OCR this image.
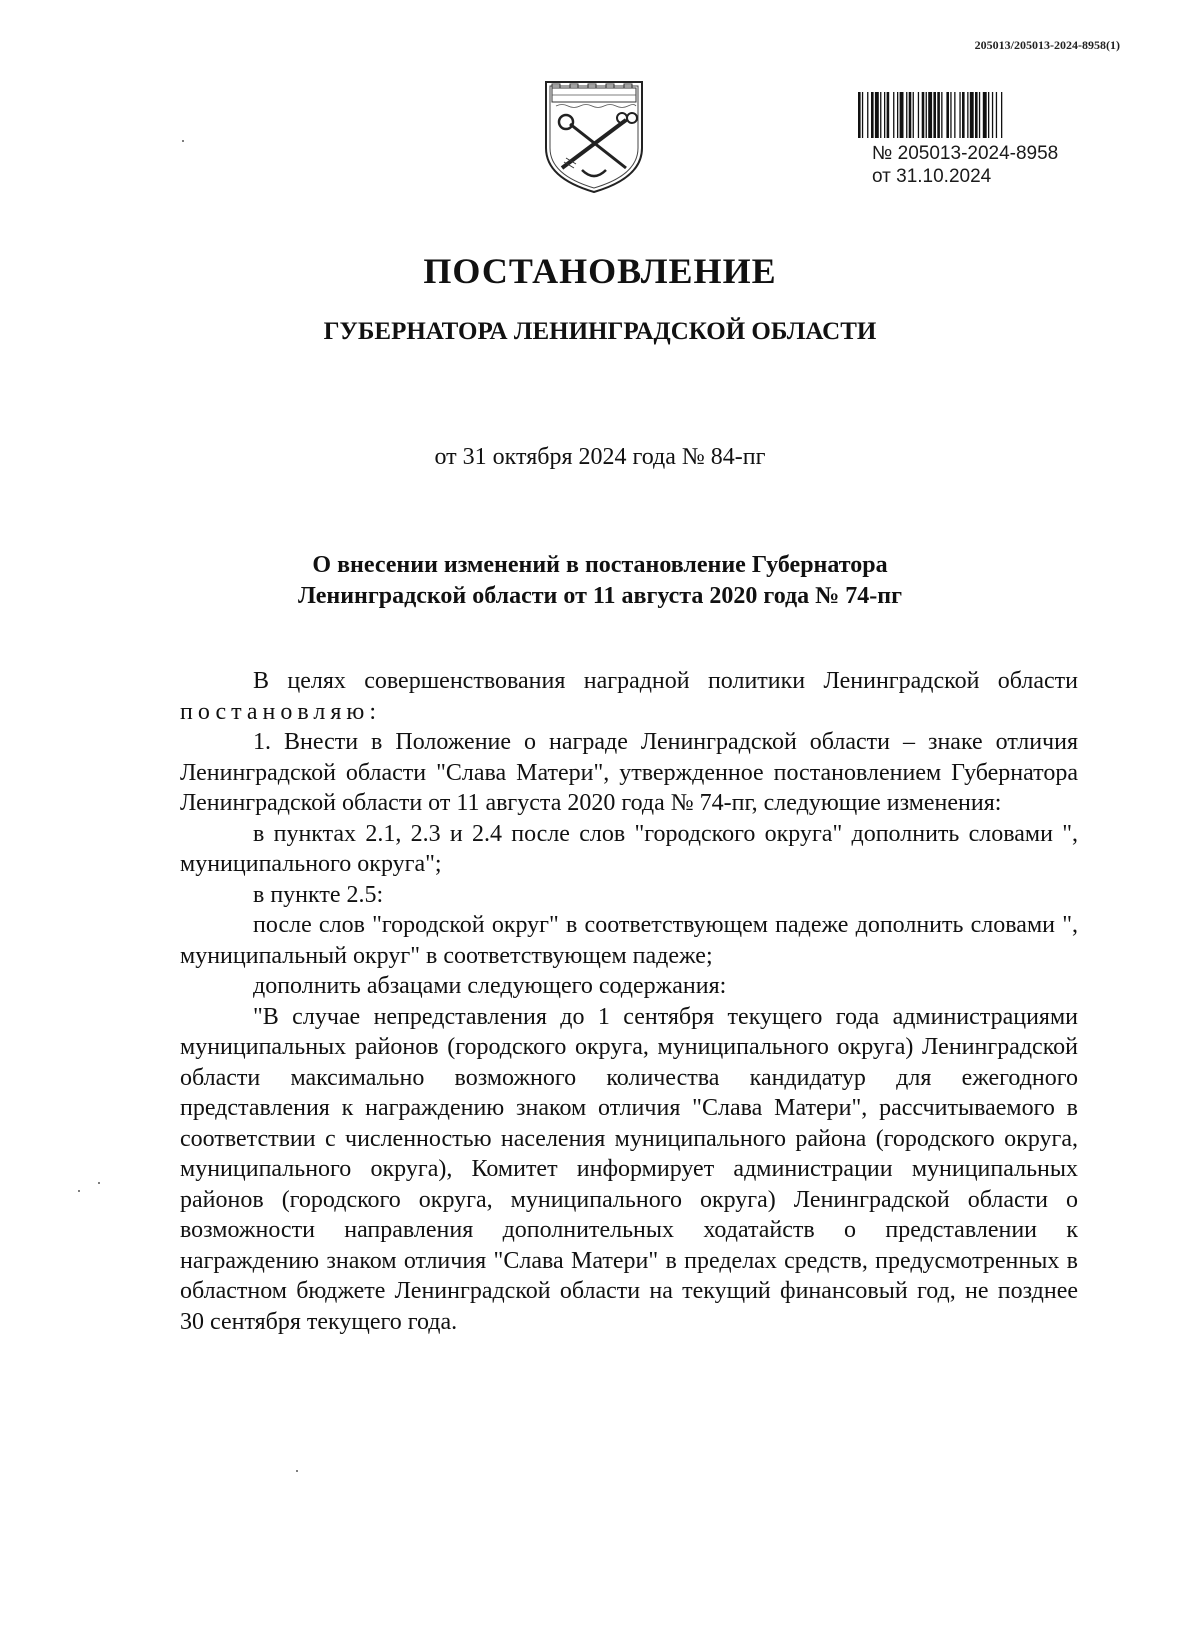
205013/205013-2024-8958(1)
№ 205013-2024-8958
от 31.10.2024
ПОСТАНОВЛЕНИЕ
ГУБЕРНАТОРА ЛЕНИНГРАДСКОЙ ОБЛАСТИ
от 31 октября 2024 года № 84-пг
О внесении изменений в постановление Губернатора
Ленинградской области от 11 августа 2020 года № 74-пг

В целях совершенствования наградной политики Ленинградской области постановляю:

1. Внести в Положение о награде Ленинградской области – знаке отличия Ленинградской области "Слава Матери", утвержденное постановлением Губернатора Ленинградской области от 11 августа 2020 года № 74-пг, следующие изменения:

в пунктах 2.1, 2.3 и 2.4 после слов "городского округа" дополнить словами ", муниципального округа";

в пункте 2.5:

после слов "городской округ" в соответствующем падеже дополнить словами ", муниципальный округ" в соответствующем падеже;

дополнить абзацами следующего содержания:

"В случае непредставления до 1 сентября текущего года администрациями муниципальных районов (городского округа, муниципального округа) Ленинградской области максимально возможного количества кандидатур для ежегодного представления к награждению знаком отличия "Слава Матери", рассчитываемого в соответствии с численностью населения муниципального района (городского округа, муниципального округа), Комитет информирует администрации муниципальных районов (городского округа, муниципального округа) Ленинградской области о возможности направления дополнительных ходатайств о представлении к награждению знаком отличия "Слава Матери" в пределах средств, предусмотренных в областном бюджете Ленинградской области на текущий финансовый год, не позднее 30 сентября текущего года.
